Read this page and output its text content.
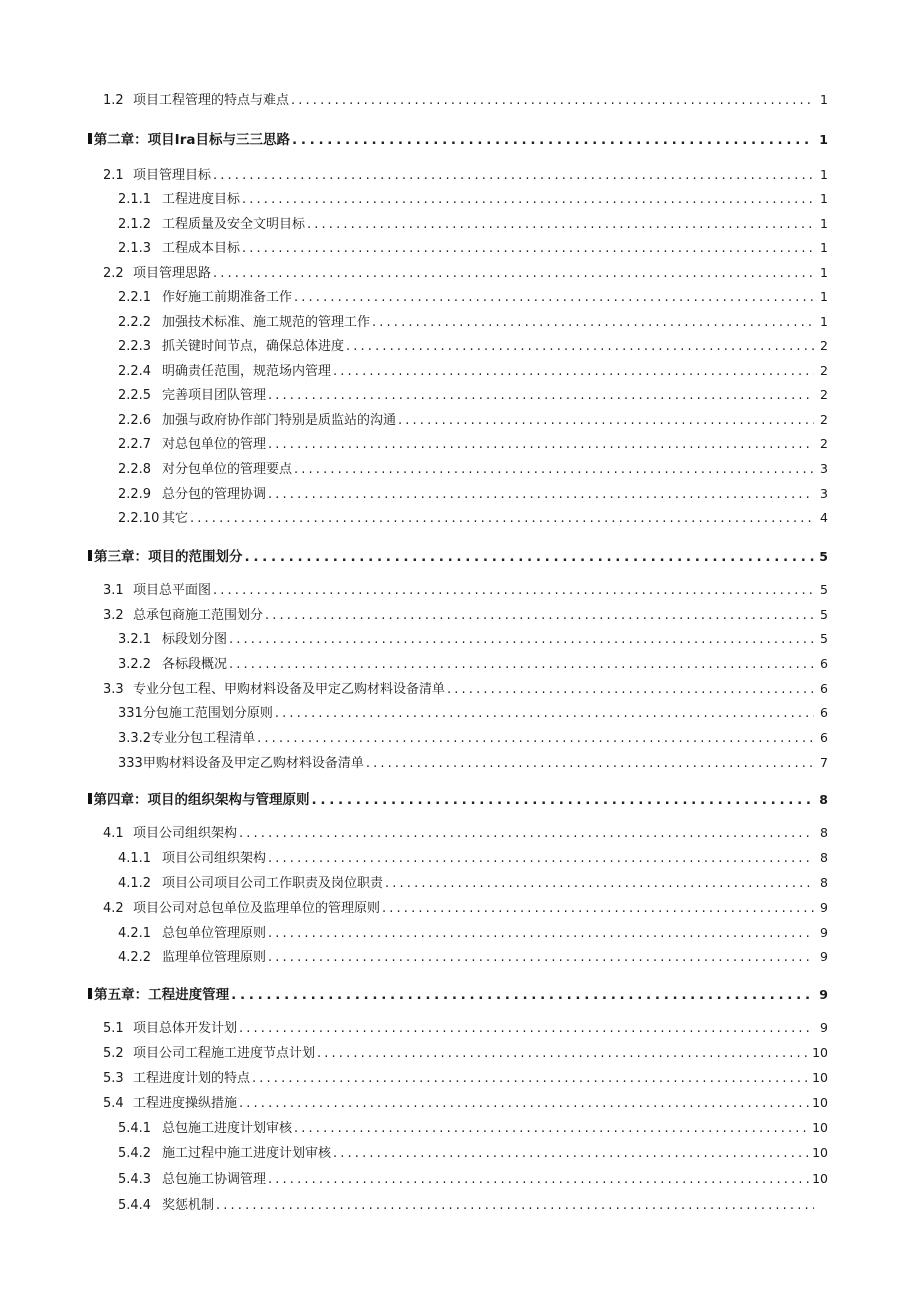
1.2 项目工程管理的特点与难点 . . .	1
第二章：项目Ira目标与三三思路 . . .	1
2.1 项目管理目标 . . .	1
2.1.1 工程进度目标 . . .	1
2.1.2 工程质量及安全文明目标 . . .	1
2.1.3 工程成本目标 . . .	1
2.2 项目管理思路 . . .	1
2.2.1 作好施工前期准备工作 . . .	1
2.2.2 加强技术标准、施工规范的管理工作 . . .	1
2.2.3 抓关键时间节点，确保总体进度 . . .	2
2.2.4 明确责任范围，规范场内管理 . . .	2
2.2.5 完善项目团队管理 . . .	2
2.2.6 加强与政府协作部门特别是质监站的沟通 . . .	2
2.2.7 对总包单位的管理 . . .	2
2.2.8 对分包单位的管理要点 . . .	3
2.2.9 总分包的管理协调 . . .	3
2.2.10 其它 . . .	4
第三章：项目的范围划分 . . .	5
3.1 项目总平面图 . . .	5
3.2 总承包商施工范围划分 . . .	5
3.2.1 标段划分图 . . .	5
3.2.2 各标段概况 . . .	6
3.3 专业分包工程、甲购材料设备及甲定乙购材料设备清单 . . .	6
331 分包施工范围划分原则 . . .	6
3.3.2 专业分包工程清单 . . .	6
333 甲购材料设备及甲定乙购材料设备清单 . . .	7
第四章：项目的组织架构与管理原则 . . .	8
4.1 项目公司组织架构 . . .	8
4.1.1 项目公司组织架构 . . .	8
4.1.2 项目公司项目公司工作职责及岗位职责 . . .	8
4.2 项目公司对总包单位及监理单位的管理原则 . . .	9
4.2.1 总包单位管理原则 . . .	9
4.2.2 监理单位管理原则 . . .	9
第五章：工程进度管理 . . .	9
5.1 项目总体开发计划 . . .	9
5.2 项目公司工程施工进度节点计划 . . .	10
5.3 工程进度计划的特点 . . .	10
5.4 工程进度操纵措施 . . .	10
5.4.1 总包施工进度计划审核 . . .	10
5.4.2 施工过程中施工进度计划审核 . . .	10
5.4.3 总包施工协调管理 . . .	10
5.4.4 奖惩机制
. . .
